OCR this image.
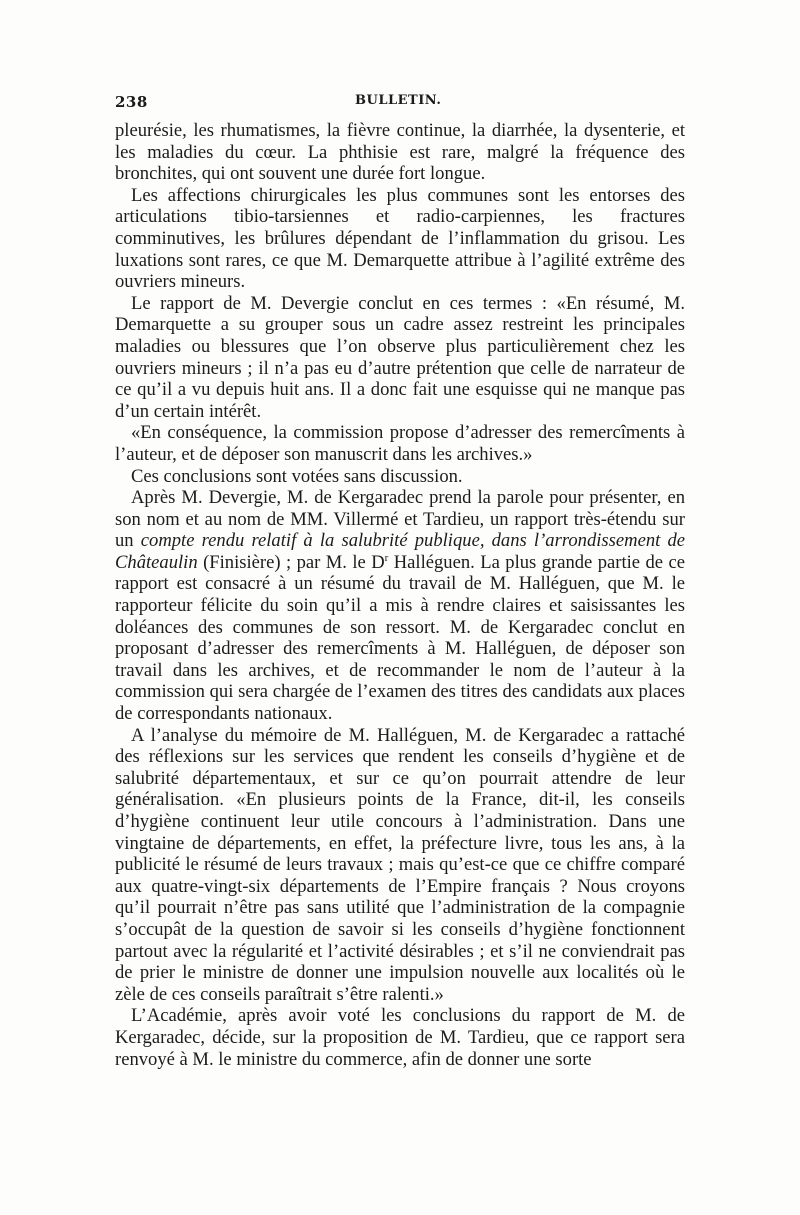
238	BULLETIN.

pleurésie, les rhumatismes, la fièvre continue, la diarrhée, la dysenterie, et les maladies du cœur. La phthisie est rare, malgré la fréquence des bronchites, qui ont souvent une durée fort longue.

Les affections chirurgicales les plus communes sont les entorses des articulations tibio-tarsiennes et radio-carpiennes, les fractures comminutives, les brûlures dépendant de l’inflammation du grisou. Les luxations sont rares, ce que M. Demarquette attribue à l’agilité extrême des ouvriers mineurs.

Le rapport de M. Devergie conclut en ces termes : «En résumé, M. Demarquette a su grouper sous un cadre assez restreint les principales maladies ou blessures que l’on observe plus particulièrement chez les ouvriers mineurs ; il n’a pas eu d’autre prétention que celle de narrateur de ce qu’il a vu depuis huit ans. Il a donc fait une esquisse qui ne manque pas d’un certain intérêt.

«En conséquence, la commission propose d’adresser des remercîments à l’auteur, et de déposer son manuscrit dans les archives.»

Ces conclusions sont votées sans discussion.

Après M. Devergie, M. de Kergaradec prend la parole pour présenter, en son nom et au nom de MM. Villermé et Tardieu, un rapport très-étendu sur un compte rendu relatif à la salubrité publique, dans l’arrondissement de Châteaulin (Finisière) ; par M. le $D^r$ Halléguen. La plus grande partie de ce rapport est consacré à un résumé du travail de M. Halléguen, que M. le rapporteur félicite du soin qu’il a mis à rendre claires et saisissantes les doléances des communes de son ressort. M. de Kergaradec conclut en proposant d’adresser des remercîments à M. Halléguen, de déposer son travail dans les archives, et de recommander le nom de l’auteur à la commission qui sera chargée de l’examen des titres des candidats aux places de correspondants nationaux.

A l’analyse du mémoire de M. Halléguen, M. de Kergaradec a rattaché des réflexions sur les services que rendent les conseils d’hygiène et de salubrité départementaux, et sur ce qu’on pourrait attendre de leur généralisation. «En plusieurs points de la France, dit-il, les conseils d’hygiène continuent leur utile concours à l’administration. Dans une vingtaine de départements, en effet, la préfecture livre, tous les ans, à la publicité le résumé de leurs travaux ; mais qu’est-ce que ce chiffre comparé aux quatre-vingt-six départements de l’Empire français ? Nous croyons qu’il pourrait n’être pas sans utilité que l’administration de la compagnie s’occupât de la question de savoir si les conseils d’hygiène fonctionnent partout avec la régularité et l’activité désirables ; et s’il ne conviendrait pas de prier le ministre de donner une impulsion nouvelle aux localités où le zèle de ces conseils paraîtrait s’être ralenti.»

L’Académie, après avoir voté les conclusions du rapport de M. de Kergaradec, décide, sur la proposition de M. Tardieu, que ce rapport sera renvoyé à M. le ministre du commerce, afin de donner une sorte
